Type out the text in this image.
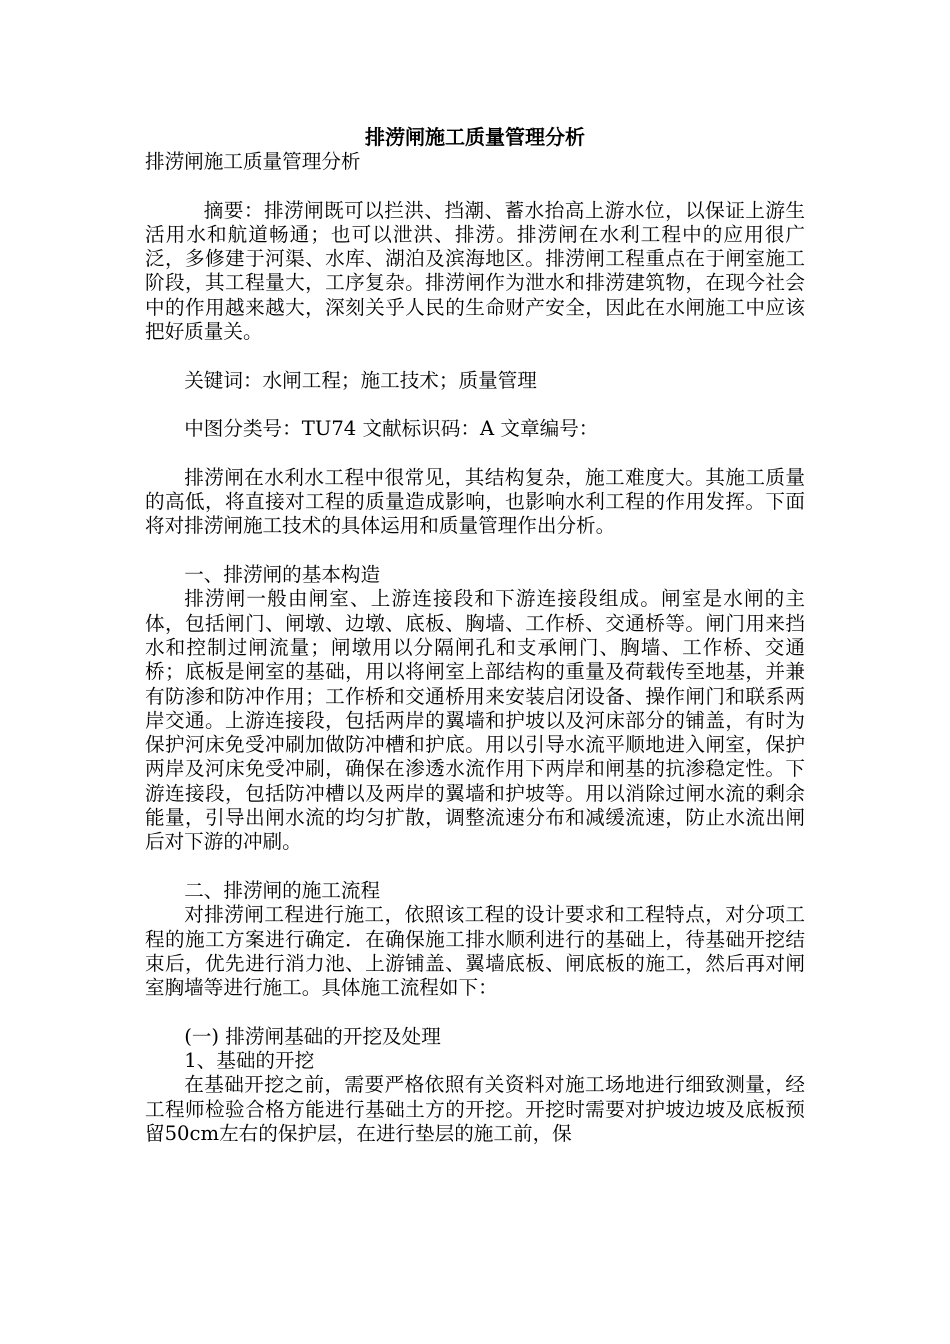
排涝闸施工质量管理分析

排涝闸施工质量管理分析

摘要：排涝闸既可以拦洪、挡潮、蓄水抬高上游水位，以保证上游生活用水和航道畅通；也可以泄洪、排涝。排涝闸在水利工程中的应用很广泛，多修建于河渠、水库、湖泊及滨海地区。排涝闸工程重点在于闸室施工阶段，其工程量大，工序复杂。排涝闸作为泄水和排涝建筑物，在现今社会中的作用越来越大，深刻关乎人民的生命财产安全，因此在水闸施工中应该把好质量关。

关键词：水闸工程；施工技术；质量管理

中图分类号：TU74 文献标识码：A 文章编号：

排涝闸在水利水工程中很常见，其结构复杂，施工难度大。其施工质量的高低，将直接对工程的质量造成影响，也影响水利工程的作用发挥。下面将对排涝闸施工技术的具体运用和质量管理作出分析。

一、排涝闸的基本构造

排涝闸一般由闸室、上游连接段和下游连接段组成。闸室是水闸的主体，包括闸门、闸墩、边墩、底板、胸墙、工作桥、交通桥等。闸门用来挡水和控制过闸流量；闸墩用以分隔闸孔和支承闸门、胸墙、工作桥、交通桥；底板是闸室的基础，用以将闸室上部结构的重量及荷载传至地基，并兼有防渗和防冲作用；工作桥和交通桥用来安装启闭设备、操作闸门和联系两岸交通。上游连接段，包括两岸的翼墙和护坡以及河床部分的铺盖，有时为保护河床免受冲刷加做防冲槽和护底。用以引导水流平顺地进入闸室，保护两岸及河床免受冲刷，确保在渗透水流作用下两岸和闸基的抗渗稳定性。下游连接段，包括防冲槽以及两岸的翼墙和护坡等。用以消除过闸水流的剩余能量，引导出闸水流的均匀扩散，调整流速分布和减缓流速，防止水流出闸后对下游的冲刷。

二、排涝闸的施工流程

对排涝闸工程进行施工，依照该工程的设计要求和工程特点，对分项工程的施工方案进行确定．在确保施工排水顺利进行的基础上，待基础开挖结束后，优先进行消力池、上游铺盖、翼墙底板、闸底板的施工，然后再对闸室胸墙等进行施工。具体施工流程如下：

(一) 排涝闸基础的开挖及处理

1、基础的开挖

在基础开挖之前，需要严格依照有关资料对施工场地进行细致测量，经工程师检验合格方能进行基础土方的开挖。开挖时需要对护坡边坡及底板预留50cm左右的保护层，在进行垫层的施工前，保
